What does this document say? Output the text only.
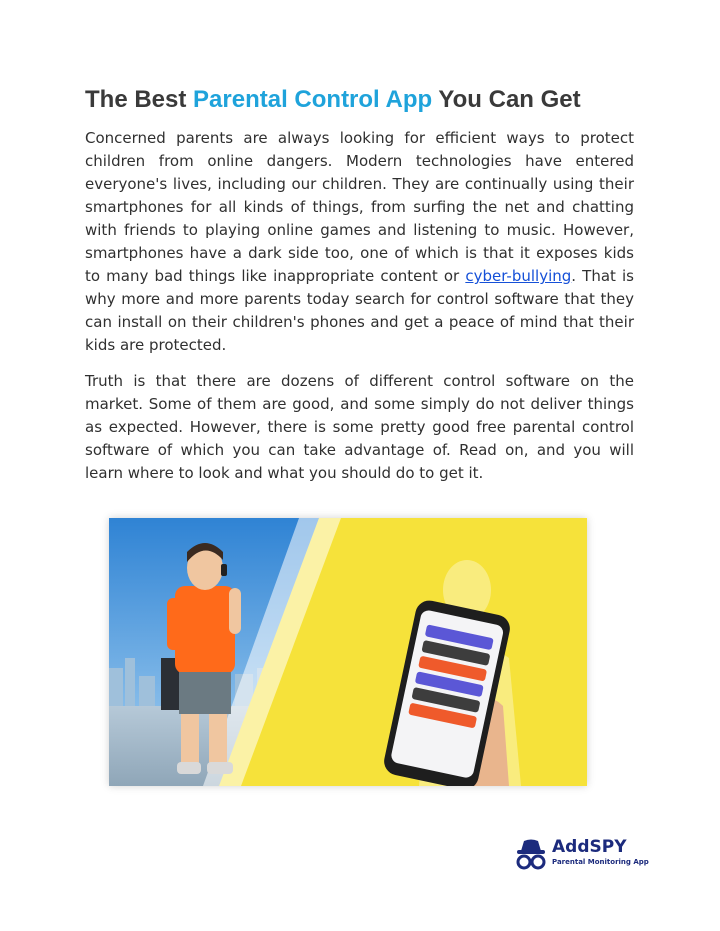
The Best Parental Control App You Can Get

Concerned parents are always looking for efficient ways to protect children from online dangers. Modern technologies have entered everyone's lives, including our children. They are continually using their smartphones for all kinds of things, from surfing the net and chatting with friends to playing online games and listening to music. However, smartphones have a dark side too, one of which is that it exposes kids to many bad things like inappropriate content or cyber-bullying. That is why more and more parents today search for control software that they can install on their children's phones and get a peace of mind that their kids are protected.

Truth is that there are dozens of different control software on the market. Some of them are good, and some simply do not deliver things as expected. However, there is some pretty good free parental control software of which you can take advantage of. Read on, and you will learn where to look and what you should do to get it.

AddSPY

Parental Monitoring App
